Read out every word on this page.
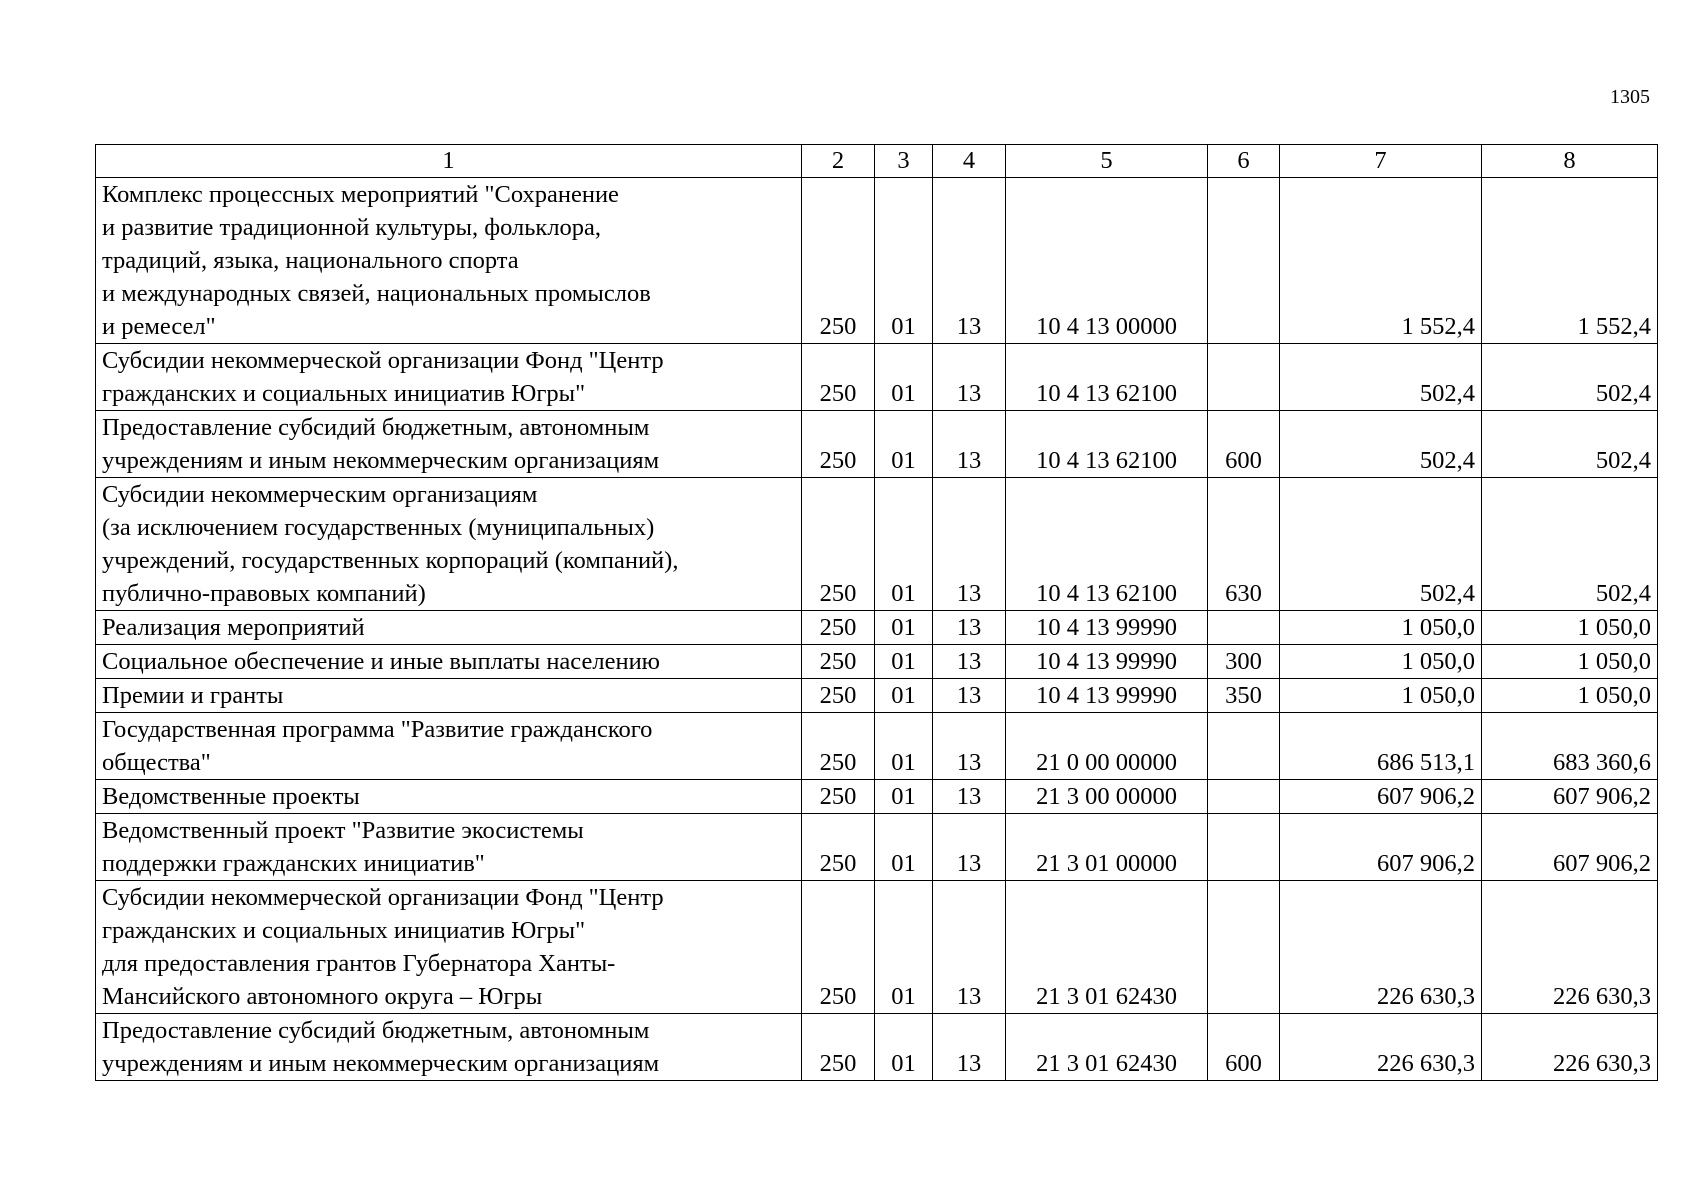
1305
1	2	3	4	5	6	7	8

Комплекс процессных мероприятий "Сохранение
и развитие традиционной культуры, фольклора,
традиций, языка, национального спорта
и международных связей, национальных промыслов
и ремесел"	250	01	13	10 4 13 00000		1 552,4	1 552,4

Субсидии некоммерческой организации Фонд "Центр
гражданских и социальных инициатив Югры"	250	01	13	10 4 13 62100		502,4	502,4

Предоставление субсидий бюджетным, автономным
учреждениям и иным некоммерческим организациям	250	01	13	10 4 13 62100	600	502,4	502,4

Субсидии некоммерческим организациям
(за исключением государственных (муниципальных)
учреждений, государственных корпораций (компаний),
публично-правовых компаний)	250	01	13	10 4 13 62100	630	502,4	502,4

Реализация мероприятий	250	01	13	10 4 13 99990		1 050,0	1 050,0

Социальное обеспечение и иные выплаты населению	250	01	13	10 4 13 99990	300	1 050,0	1 050,0

Премии и гранты	250	01	13	10 4 13 99990	350	1 050,0	1 050,0

Государственная программа "Развитие гражданского
общества"	250	01	13	21 0 00 00000		686 513,1	683 360,6

Ведомственные проекты	250	01	13	21 3 00 00000		607 906,2	607 906,2

Ведомственный проект "Развитие экосистемы
поддержки гражданских инициатив"	250	01	13	21 3 01 00000		607 906,2	607 906,2

Субсидии некоммерческой организации Фонд "Центр
гражданских и социальных инициатив Югры"
для предоставления грантов Губернатора Ханты-
Мансийского автономного округа – Югры	250	01	13	21 3 01 62430		226 630,3	226 630,3

Предоставление субсидий бюджетным, автономным
учреждениям и иным некоммерческим организациям	250	01	13	21 3 01 62430	600	226 630,3	226 630,3
